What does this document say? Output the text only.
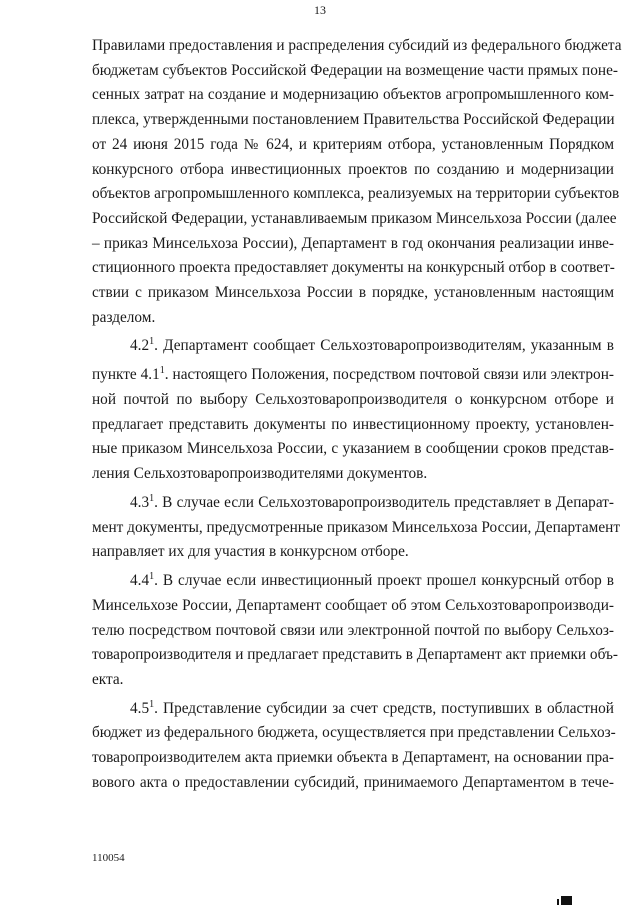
13
Правилами предоставления и распределения субсидий из федерального бюджета
бюджетам субъектов Российской Федерации на возмещение части прямых поне-
сенных затрат на создание и модернизацию объектов агропромышленного ком-
плекса, утвержденными постановлением Правительства Российской Федерации
от 24 июня 2015 года № 624, и критериям отбора, установленным Порядком
конкурсного отбора инвестиционных проектов по созданию и модернизации
объектов агропромышленного комплекса, реализуемых на территории субъектов
Российской Федерации, устанавливаемым приказом Минсельхоза России (далее
– приказ Минсельхоза России), Департамент в год окончания реализации инве-
стиционного проекта предоставляет документы на конкурсный отбор в соответ-
ствии с приказом Минсельхоза России в порядке, установленным настоящим
разделом.
$4.2^1$. Департамент сообщает Сельхозтоваропроизводителям, указанным в
пункте $4.1^1$. настоящего Положения, посредством почтовой связи или электрон-
ной почтой по выбору Сельхозтоваропроизводителя о конкурсном отборе и
предлагает представить документы по инвестиционному проекту, установлен-
ные приказом Минсельхоза России, с указанием в сообщении сроков представ-
ления Сельхозтоваропроизводителями документов.
$4.3^1$. В случае если Сельхозтоваропроизводитель представляет в Депарат-
мент документы, предусмотренные приказом Минсельхоза России, Департамент
направляет их для участия в конкурсном отборе.
$4.4^1$. В случае если инвестиционный проект прошел конкурсный отбор в
Минсельхозе России, Департамент сообщает об этом Сельхозтоваропроизводи-
телю посредством почтовой связи или электронной почтой по выбору Сельхоз-
товаропроизводителя и предлагает представить в Департамент акт приемки объ-
екта.
$4.5^1$. Представление субсидии за счет средств, поступивших в областной
бюджет из федерального бюджета, осуществляется при представлении Сельхоз-
товаропроизводителем акта приемки объекта в Департамент, на основании пра-
вового акта о предоставлении субсидий, принимаемого Департаментом в тече-
110054
